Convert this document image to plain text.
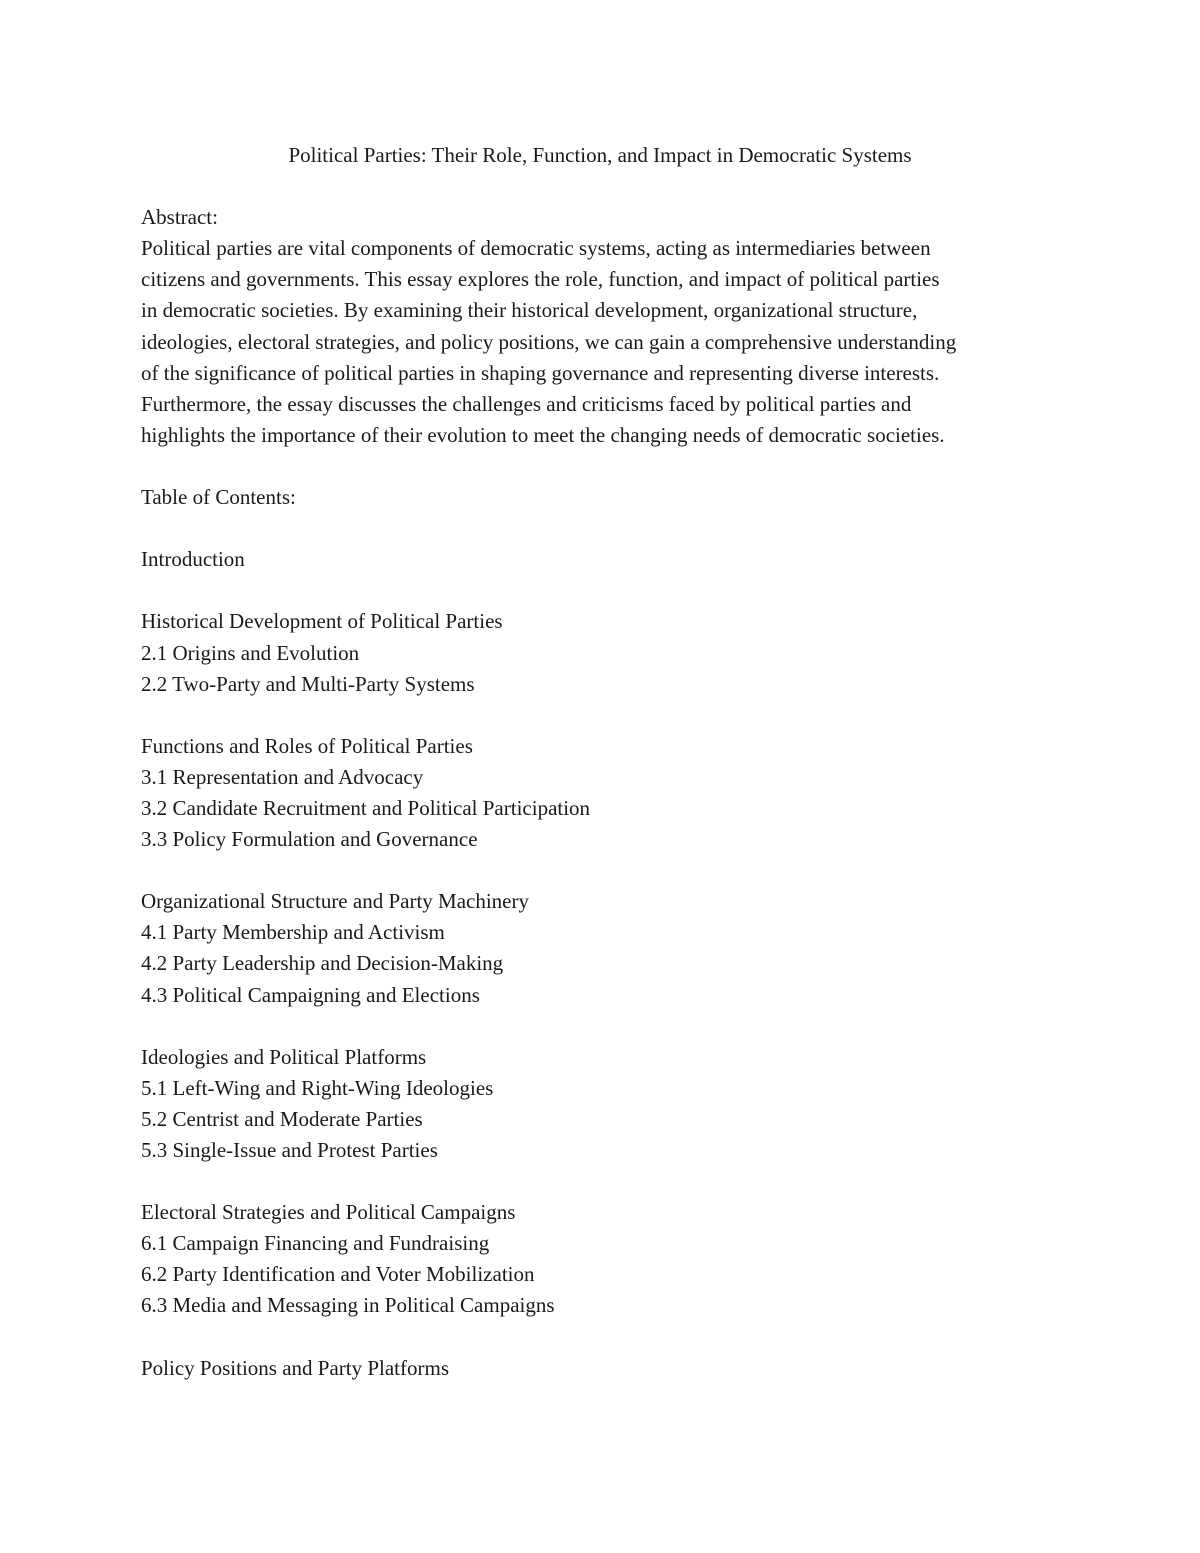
Political Parties: Their Role, Function, and Impact in Democratic Systems
Abstract:
Political parties are vital components of democratic systems, acting as intermediaries between
citizens and governments. This essay explores the role, function, and impact of political parties
in democratic societies. By examining their historical development, organizational structure,
ideologies, electoral strategies, and policy positions, we can gain a comprehensive understanding
of the significance of political parties in shaping governance and representing diverse interests.
Furthermore, the essay discusses the challenges and criticisms faced by political parties and
highlights the importance of their evolution to meet the changing needs of democratic societies.
Table of Contents:
Introduction
Historical Development of Political Parties
2.1 Origins and Evolution
2.2 Two-Party and Multi-Party Systems
Functions and Roles of Political Parties
3.1 Representation and Advocacy
3.2 Candidate Recruitment and Political Participation
3.3 Policy Formulation and Governance
Organizational Structure and Party Machinery
4.1 Party Membership and Activism
4.2 Party Leadership and Decision-Making
4.3 Political Campaigning and Elections
Ideologies and Political Platforms
5.1 Left-Wing and Right-Wing Ideologies
5.2 Centrist and Moderate Parties
5.3 Single-Issue and Protest Parties
Electoral Strategies and Political Campaigns
6.1 Campaign Financing and Fundraising
6.2 Party Identification and Voter Mobilization
6.3 Media and Messaging in Political Campaigns
Policy Positions and Party Platforms
